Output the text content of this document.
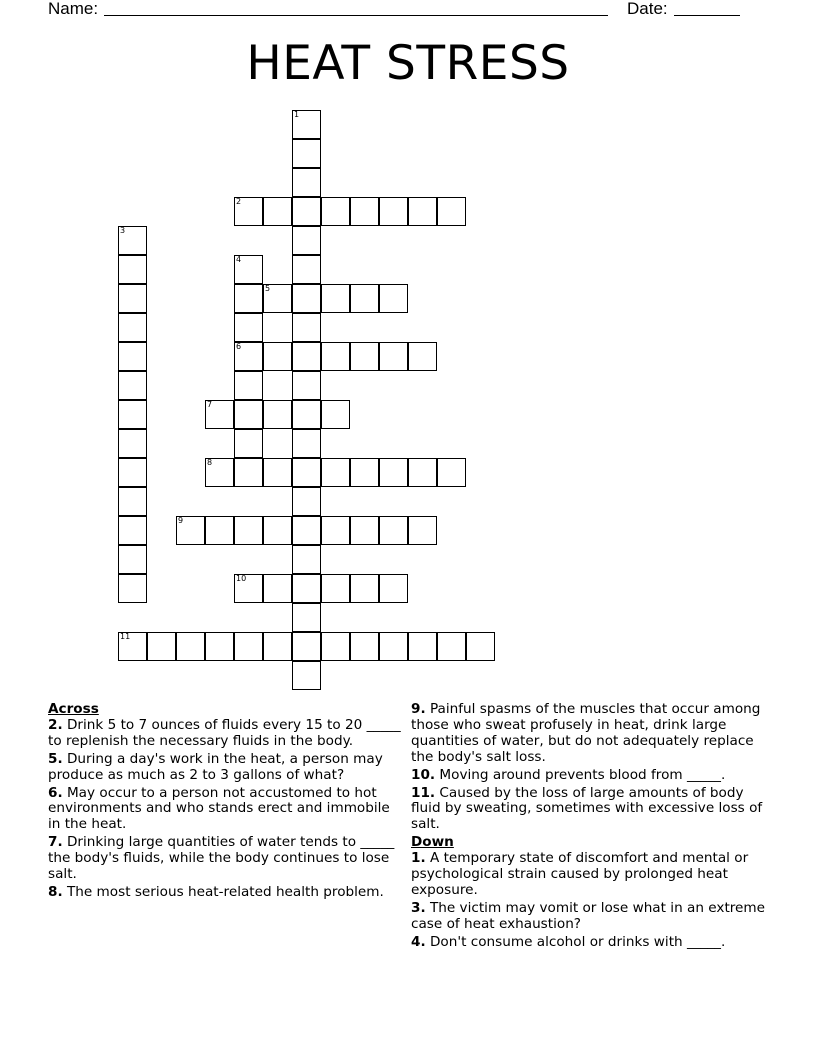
Name:	Date:
HEAT STRESS
1
2
3
4
5
6
7
8
9
10
11
Across
2. Drink 5 to 7 ounces of fluids every 15 to 20 _____ to replenish the necessary fluids in the body.
5. During a day's work in the heat, a person may produce as much as 2 to 3 gallons of what?
6. May occur to a person not accustomed to hot environments and who stands erect and immobile in the heat.
7. Drinking large quantities of water tends to _____ the body's fluids, while the body continues to lose salt.
8. The most serious heat-related health problem.
9. Painful spasms of the muscles that occur among those who sweat profusely in heat, drink large quantities of water, but do not adequately replace the body's salt loss.
10. Moving around prevents blood from _____.
11. Caused by the loss of large amounts of body fluid by sweating, sometimes with excessive loss of salt.
Down
1. A temporary state of discomfort and mental or psychological strain caused by prolonged heat exposure.
3. The victim may vomit or lose what in an extreme case of heat exhaustion?
4. Don't consume alcohol or drinks with _____.
